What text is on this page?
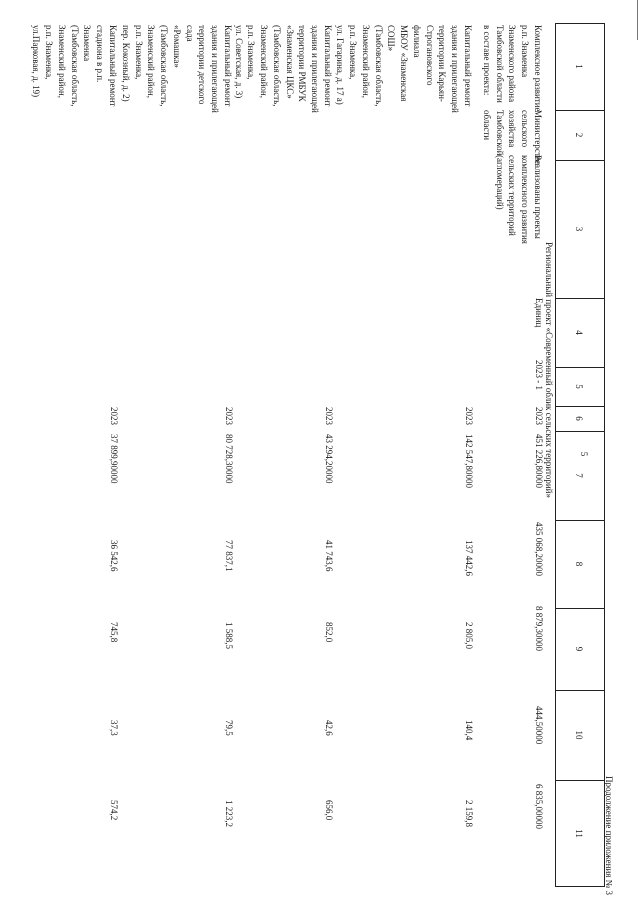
5
Продолжение приложения № 3
1
2
3
4
5
6
7
8
9
10
11
Региональный проект «Современный облик сельских территорий»
Реализованы проекты
комплексного развития
сельских территорий
(агломераций)
Единиц
2023 - 1
Комплексное развитие
р.п. Знаменка
Знаменского района
Тамбовской области
в составе проекта:
Министерство
сельского
хозяйства
Тамбовской
области
2023
451 226,80000
435 068,20000
8 879,30000
444,50000
6 835,00000
Капитальный ремонт
здания и прилегающей
территории Карьян-
Строгановского филиала
МБОУ «Знаменская
СОШ»
(Тамбовская область,
Знаменский район,
р.п. Знаменка,
ул. Гагарина, д. 17 а)
2023
142 547,80000
137 442,6
2 805,0
140,4
2 159,8
Капитальный ремонт
здания и прилегающей
территории РМБУК
«Знаменская ЦКС»
(Тамбовская область,
Знаменский район,
р.п. Знаменка,
ул. Советская, д. 3)
2023
43 294,20000
41 743,6
852,0
42,6
656,0
Капитальный ремонт
здания и прилегающей
территории детского сада
«Ромашка»
(Тамбовская область,
Знаменский район,
р.п. Знаменка,
пер. Кокозный, д. 2)
2023
80 728,30000
77 837,1
1 588,5
79,5
1 223,2
Капитальный ремонт
стадиона в р.п. Знаменка
(Тамбовская область,
Знаменский район,
р.п. Знаменка,
ул.Парковая, д. 19)
2023
37 899,90000
36 542,6
745,8
37,3
574,2
